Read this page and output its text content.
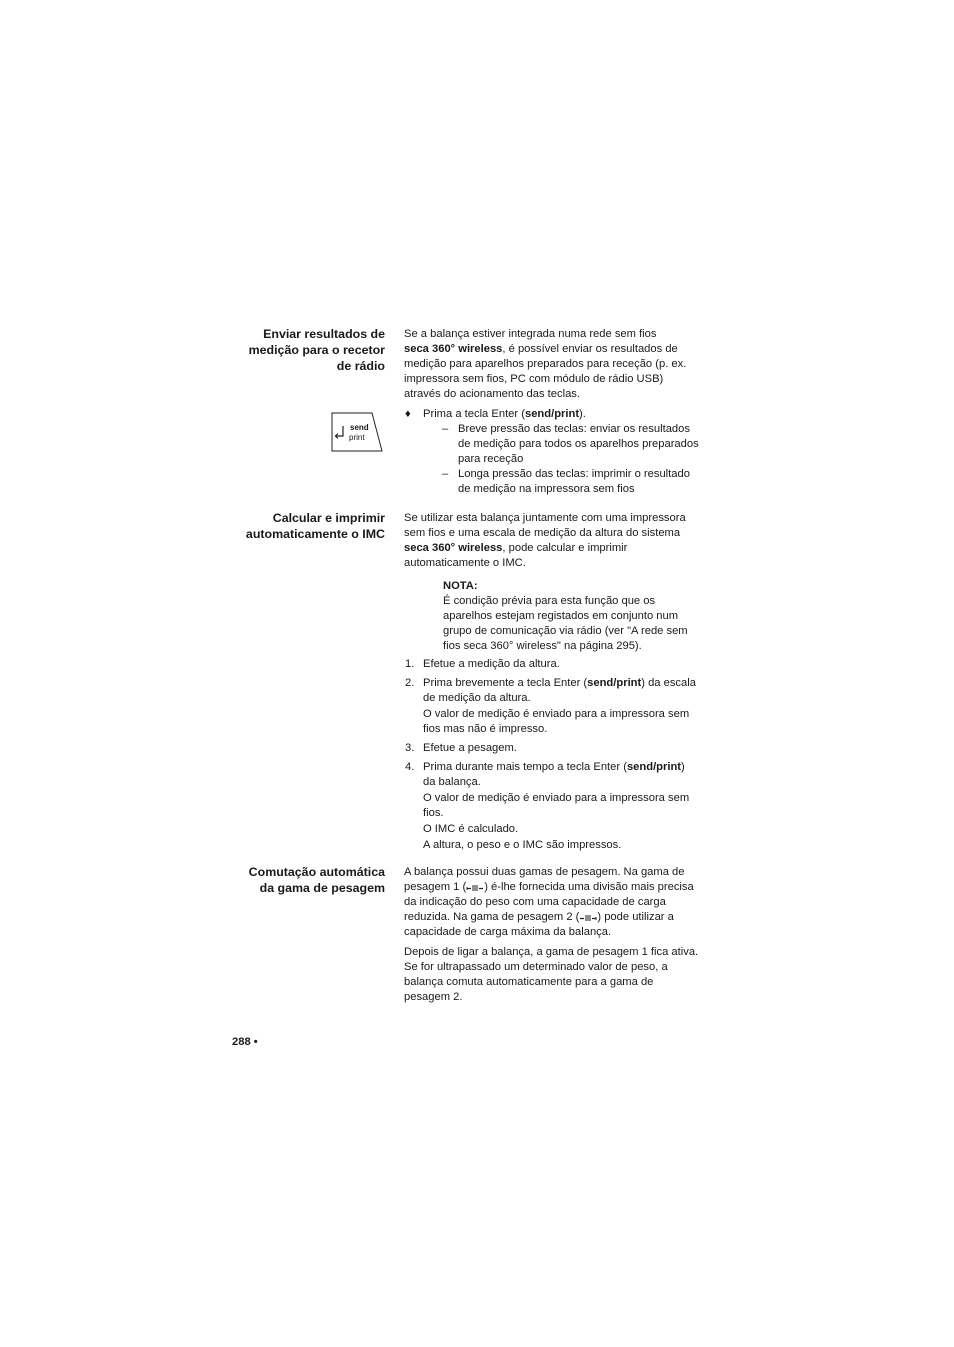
Enviar resultados de
medição para o recetor
de rádio
send
print

Se a balança estiver integrada numa rede sem fios
seca 360° wireless, é possível enviar os resultados de medição para aparelhos preparados para receção (p. ex. impressora sem fios, PC com módulo de rádio USB) através do acionamento das teclas.

♦ Prima a tecla Enter (send/print).
– Breve pressão das teclas: enviar os resultados de medição para todos os aparelhos preparados para receção
– Longa pressão das teclas: imprimir o resultado de medição na impressora sem fios
Calcular e imprimir
automaticamente o IMC

Se utilizar esta balança juntamente com uma impressora sem fios e uma escala de medição da altura do sistema seca 360° wireless, pode calcular e imprimir automaticamente o IMC.

NOTA:
É condição prévia para esta função que os aparelhos estejam registados em conjunto num grupo de comunicação via rádio (ver "A rede sem fios seca 360° wireless" na página 295).
1. Efetue a medição da altura.
2. Prima brevemente a tecla Enter (send/print) da escala de medição da altura.
O valor de medição é enviado para a impressora sem fios mas não é impresso.
3. Efetue a pesagem.
4. Prima durante mais tempo a tecla Enter (send/print) da balança.
O valor de medição é enviado para a impressora sem fios.
O IMC é calculado.
A altura, o peso e o IMC são impressos.
Comutação automática
da gama de pesagem

A balança possui duas gamas de pesagem. Na gama de pesagem 1 ( ) é-lhe fornecida uma divisão mais precisa da indicação do peso com uma capacidade de carga reduzida. Na gama de pesagem 2 ( ) pode utilizar a capacidade de carga máxima da balança.

Depois de ligar a balança, a gama de pesagem 1 fica ativa. Se for ultrapassado um determinado valor de peso, a balança comuta automaticamente para a gama de pesagem 2.

288 •
